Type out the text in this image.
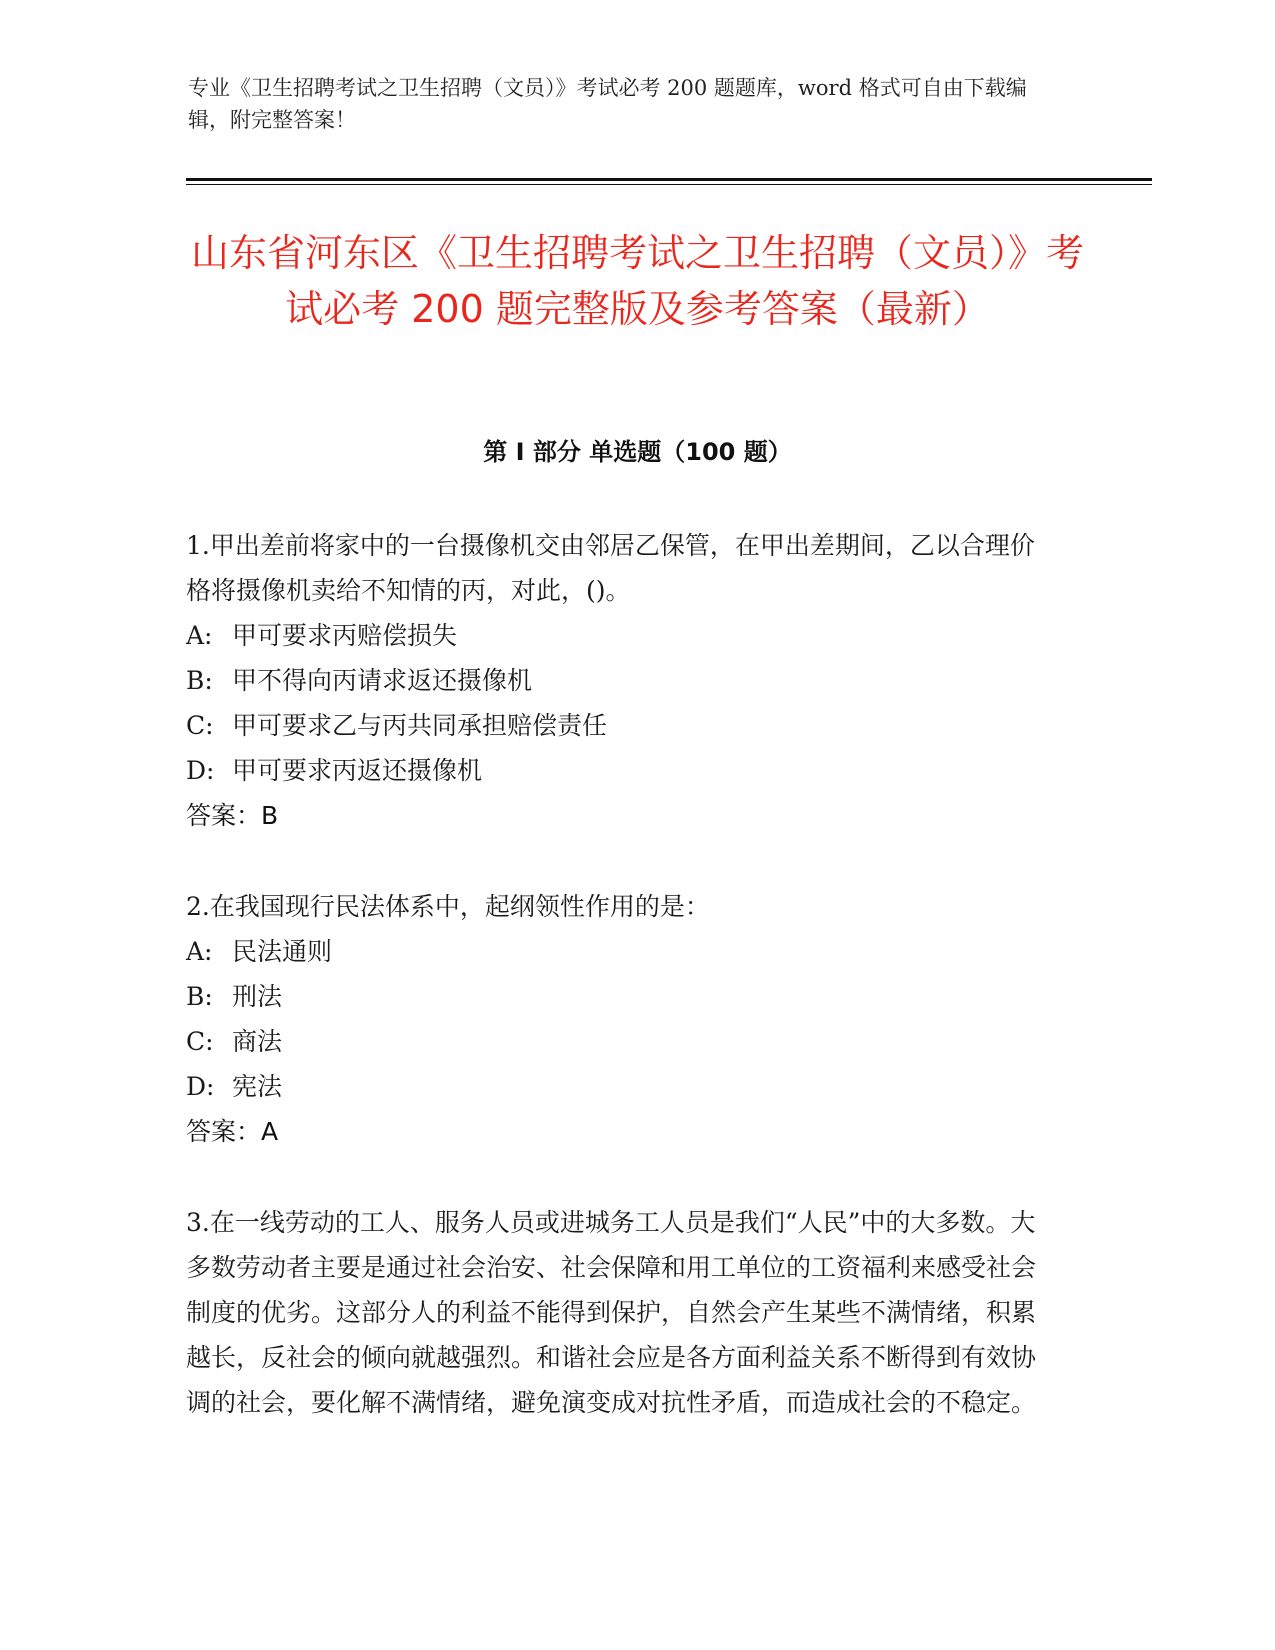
专业《卫生招聘考试之卫生招聘（文员）》考试必考 200 题题库，word 格式可自由下载编辑，附完整答案！
山东省河东区《卫生招聘考试之卫生招聘（文员）》考试必考 200 题完整版及参考答案（最新）
第 I 部分 单选题（100 题）

1.甲出差前将家中的一台摄像机交由邻居乙保管，在甲出差期间，乙以合理价格将摄像机卖给不知情的丙，对此，()。

A: 甲可要求丙赔偿损失
B: 甲不得向丙请求返还摄像机
C: 甲可要求乙与丙共同承担赔偿责任
D: 甲可要求丙返还摄像机

答案：B

2.在我国现行民法体系中，起纲领性作用的是：

A: 民法通则
B: 刑法
C: 商法
D: 宪法

答案：A

3.在一线劳动的工人、服务人员或进城务工人员是我们“人民”中的大多数。大多数劳动者主要是通过社会治安、社会保障和用工单位的工资福利来感受社会制度的优劣。这部分人的利益不能得到保护，自然会产生某些不满情绪，积累越长，反社会的倾向就越强烈。和谐社会应是各方面利益关系不断得到有效协调的社会，要化解不满情绪，避免演变成对抗性矛盾，而造成社会的不稳定。
